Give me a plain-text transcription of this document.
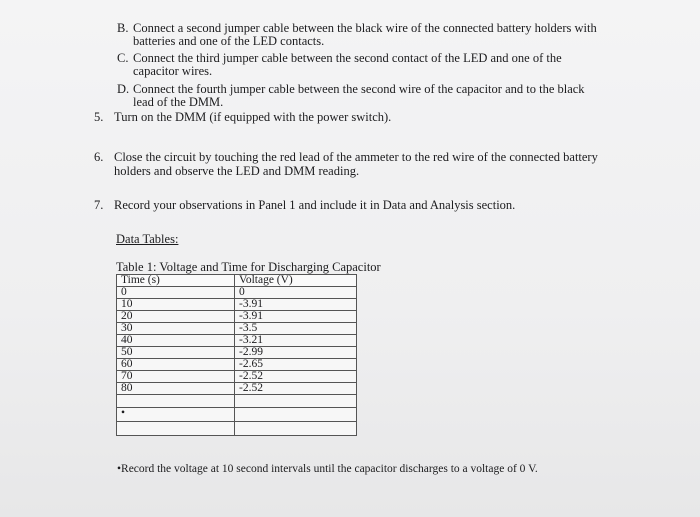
B. Connect a second jumper cable between the black wire of the connected battery holders with
batteries and one of the LED contacts.
C. Connect the third jumper cable between the second contact of the LED and one of the
capacitor wires.
D. Connect the fourth jumper cable between the second wire of the capacitor and to the black
lead of the DMM.
5. Turn on the DMM (if equipped with the power switch).
6. Close the circuit by touching the red lead of the ammeter to the red wire of the connected battery
holders and observe the LED and DMM reading.
7. Record your observations in Panel 1 and include it in Data and Analysis section.
Data Tables:
Table 1: Voltage and Time for Discharging Capacitor
Time (s)	Voltage (V)
0	0
10	-3.91
20	-3.91
30	-3.5
40	-3.21
50	-2.99
60	-2.65
70	-2.52
80	-2.52

•	

•Record the voltage at 10 second intervals until the capacitor discharges to a voltage of 0 V.
